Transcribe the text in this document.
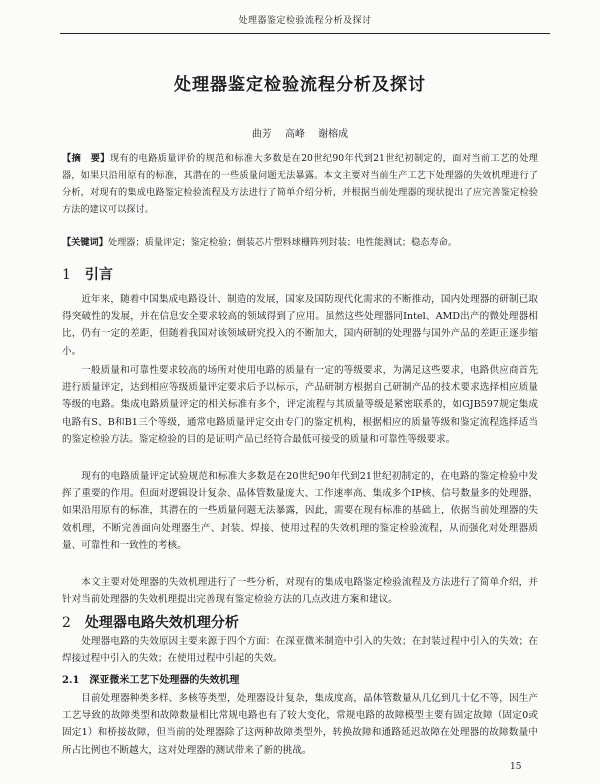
处理器鉴定检验流程分析及探讨
处理器鉴定检验流程分析及探讨
曲芳 高峰 谢榕成
【摘　要】现有的电路质量评价的规范和标准大多数是在20世纪90年代到21世纪初制定的，面对当前工艺的处理器，如果只沿用原有的标准，其潜在的一些质量问题无法暴露。本文主要对当前生产工艺下处理器的失效机理进行了分析，对现有的集成电路鉴定检验流程及方法进行了简单介绍分析，并根据当前处理器的现状提出了应完善鉴定检验方法的建议可以探讨。
【关键词】处理器；质量评定；鉴定检验；倒装芯片塑料球栅阵列封装；电性能测试；稳态寿命。
1 引言
近年来，随着中国集成电路设计、制造的发展，国家及国防现代化需求的不断推动，国内处理器的研制已取得突破性的发展，并在信息安全要求较高的领域得到了应用。虽然这些处理器同Intel、AMD出产的微处理器相比，仍有一定的差距，但随着我国对该领域研究投入的不断加大，国内研制的处理器与国外产品的差距正逐步缩小。
一般质量和可靠性要求较高的场所对使用电路的质量有一定的等级要求，为满足这些要求，电路供应商首先进行质量评定，达到相应等级质量评定要求后予以标示，产品研制方根据自己研制产品的技术要求选择相应质量等级的电路。集成电路质量评定的相关标准有多个，评定流程与其质量等级是紧密联系的，如GJB597规定集成电路有S、B和B1三个等级，通常电路质量评定交由专门的鉴定机构，根据相应的质量等级和鉴定流程选择适当的鉴定检验方法。鉴定检验的目的是证明产品已经符合最低可接受的质量和可靠性等级要求。
现有的电路质量评定试验规范和标准大多数是在20世纪90年代到21世纪初制定的，在电路的鉴定检验中发挥了重要的作用。但面对逻辑设计复杂、晶体管数量庞大、工作速率高、集成多个IP核、信号数量多的处理器，如果沿用原有的标准，其潜在的一些质量问题无法暴露，因此，需要在现有标准的基础上，依据当前处理器的失效机理，不断完善面向处理器生产、封装、焊接、使用过程的失效机理的鉴定检验流程，从而强化对处理器质量、可靠性和一致性的考核。
本文主要对处理器的失效机理进行了一些分析，对现有的集成电路鉴定检验流程及方法进行了简单介绍，并针对当前处理器的失效机理提出完善现有鉴定检验方法的几点改进方案和建议。
2 处理器电路失效机理分析
处理器电路的失效原因主要来源于四个方面：在深亚微米制造中引入的失效；在封装过程中引入的失效；在焊接过程中引入的失效；在使用过程中引起的失效。
2.1 深亚微米工艺下处理器的失效机理
目前处理器种类多样、多核等类型，处理器设计复杂，集成度高，晶体管数量从几亿到几十亿不等，因生产工艺导致的故障类型和故障数量相比常规电路也有了较大变化，常规电路的故障模型主要有固定故障（固定0或固定1）和桥接故障，但当前的处理器除了这两种故障类型外，转换故障和通路延迟故障在处理器的故障数量中所占比例也不断越大，这对处理器的测试带来了新的挑战。
15
